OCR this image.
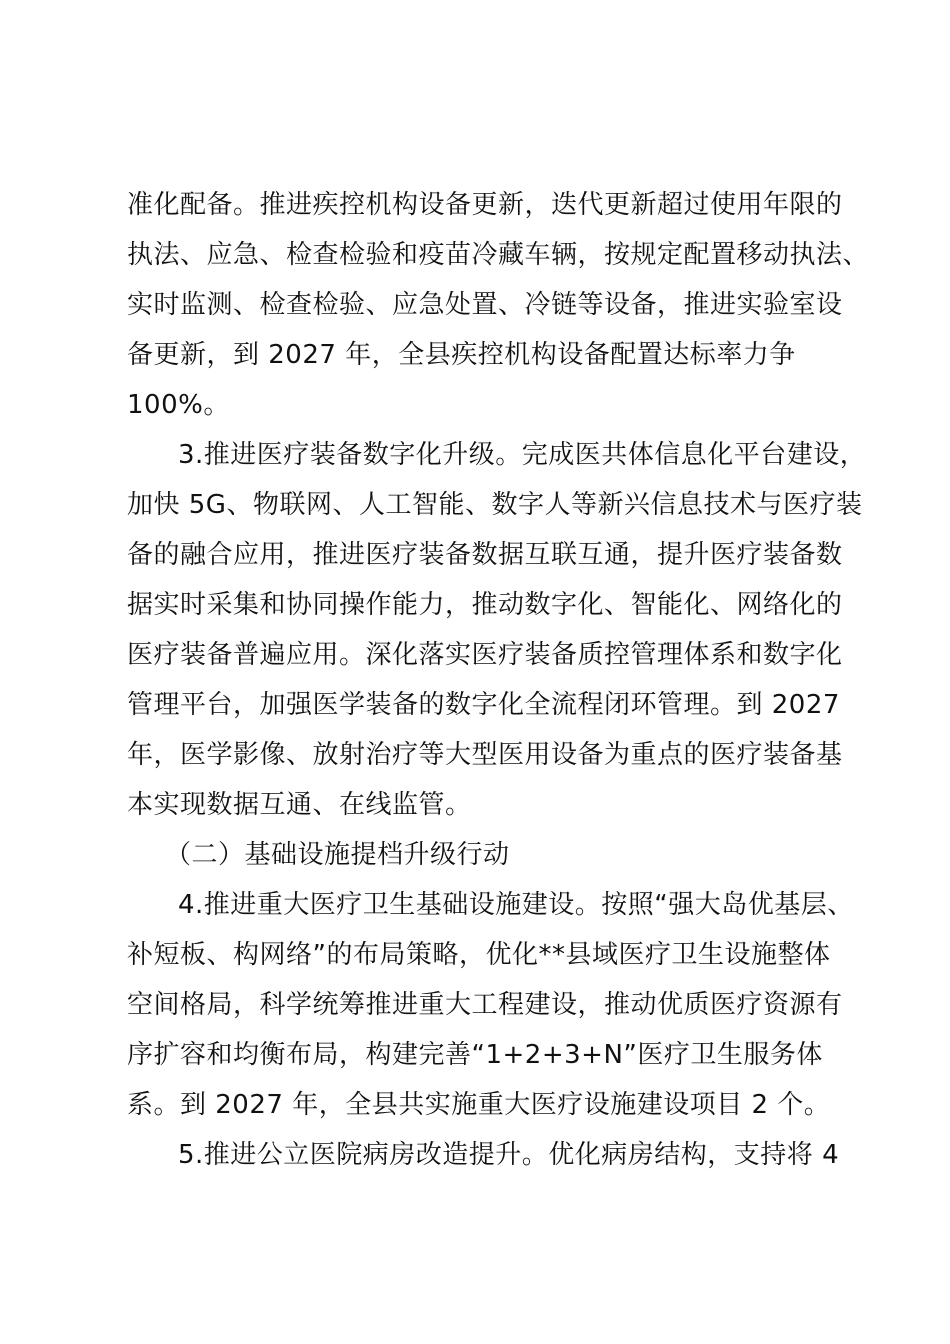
准化配备。推进疾控机构设备更新，迭代更新超过使用年限的
执法、应急、检查检验和疫苗冷藏车辆，按规定配置移动执法、
实时监测、检查检验、应急处置、冷链等设备，推进实验室设
备更新，到 2027 年，全县疾控机构设备配置达标率力争
100%。
3.推进医疗装备数字化升级。完成医共体信息化平台建设，
加快 5G、物联网、人工智能、数字人等新兴信息技术与医疗装
备的融合应用，推进医疗装备数据互联互通，提升医疗装备数
据实时采集和协同操作能力，推动数字化、智能化、网络化的
医疗装备普遍应用。深化落实医疗装备质控管理体系和数字化
管理平台，加强医学装备的数字化全流程闭环管理。到 2027
年，医学影像、放射治疗等大型医用设备为重点的医疗装备基
本实现数据互通、在线监管。
（二）基础设施提档升级行动
4.推进重大医疗卫生基础设施建设。按照“强大岛优基层、
补短板、构网络”的布局策略，优化**县域医疗卫生设施整体
空间格局，科学统筹推进重大工程建设，推动优质医疗资源有
序扩容和均衡布局，构建完善“1+2+3+N”医疗卫生服务体
系。到 2027 年，全县共实施重大医疗设施建设项目 2 个。
5.推进公立医院病房改造提升。优化病房结构，支持将 4
